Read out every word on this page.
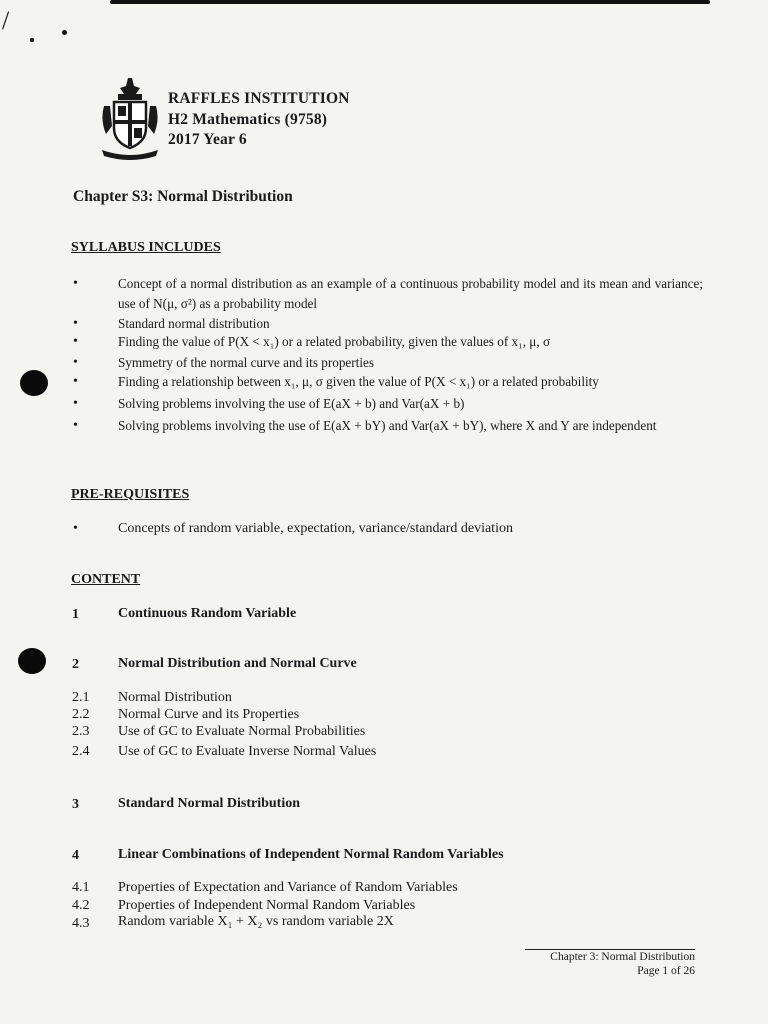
/
RAFFLES INSTITUTION
H2 Mathematics (9758)
2017 Year 6
Chapter S3: Normal Distribution
SYLLABUS INCLUDES
•	Concept of a normal distribution as an example of a continuous probability model and its mean and variance; use of N(μ, σ²) as a probability model
•	Standard normal distribution
•	Finding the value of P(X < x₁) or a related probability, given the values of x₁, μ, σ
•	Symmetry of the normal curve and its properties
•	Finding a relationship between x₁, μ, σ given the value of P(X < x₁) or a related probability
•	Solving problems involving the use of E(aX + b) and Var(aX + b)
•	Solving problems involving the use of E(aX + bY) and Var(aX + bY), where X and Y are independent
PRE-REQUISITES
•	Concepts of random variable, expectation, variance/standard deviation
CONTENT
1	Continuous Random Variable
2	Normal Distribution and Normal Curve
2.1 Normal Distribution
2.2 Normal Curve and its Properties
2.3 Use of GC to Evaluate Normal Probabilities
2.4 Use of GC to Evaluate Inverse Normal Values
3	Standard Normal Distribution
4	Linear Combinations of Independent Normal Random Variables
4.1 Properties of Expectation and Variance of Random Variables
4.2 Properties of Independent Normal Random Variables
4.3 Random variable X₁ + X₂ vs random variable 2X
Chapter 3: Normal Distribution
Page 1 of 26
